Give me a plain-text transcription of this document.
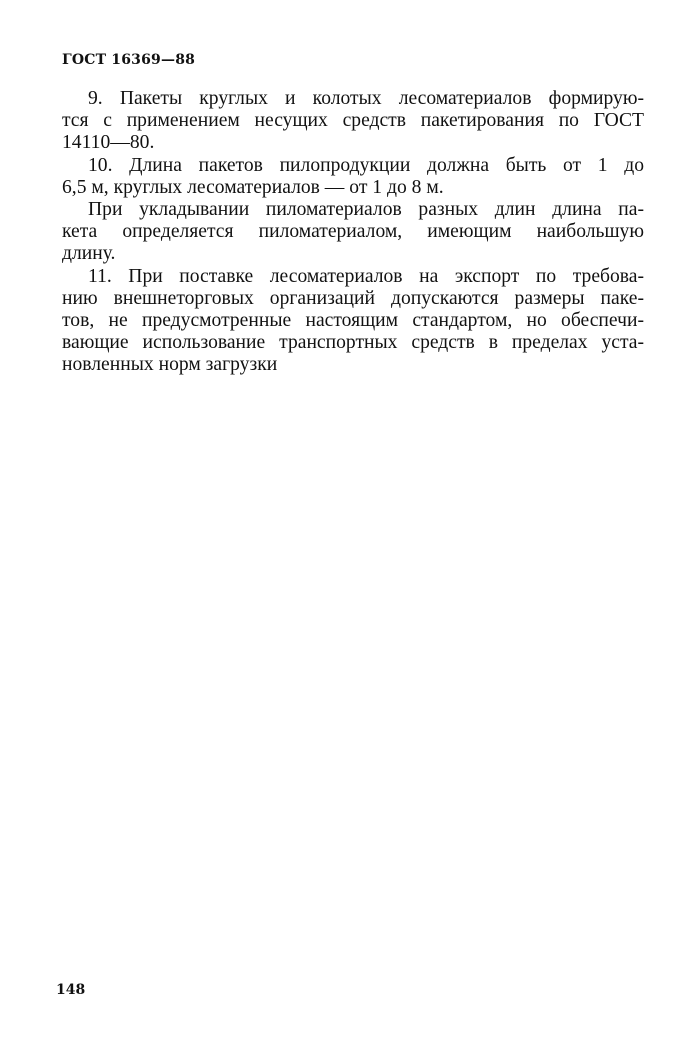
ГОСТ 16369—88

9. Пакеты круглых и колотых лесоматериалов формирую-
тся с применением несущих средств пакетирования по ГОСТ
14110—80.

10. Длина пакетов пилопродукции должна быть от 1 до
6,5 м, круглых лесоматериалов — от 1 до 8 м.

При укладывании пиломатериалов разных длин длина па-
кета определяется пиломатериалом, имеющим наибольшую
длину.

11. При поставке лесоматериалов на экспорт по требова-
нию внешнеторговых организаций допускаются размеры паке-
тов, не предусмотренные настоящим стандартом, но обеспечи-
вающие использование транспортных средств в пределах уста-
новленных норм загрузки

148
